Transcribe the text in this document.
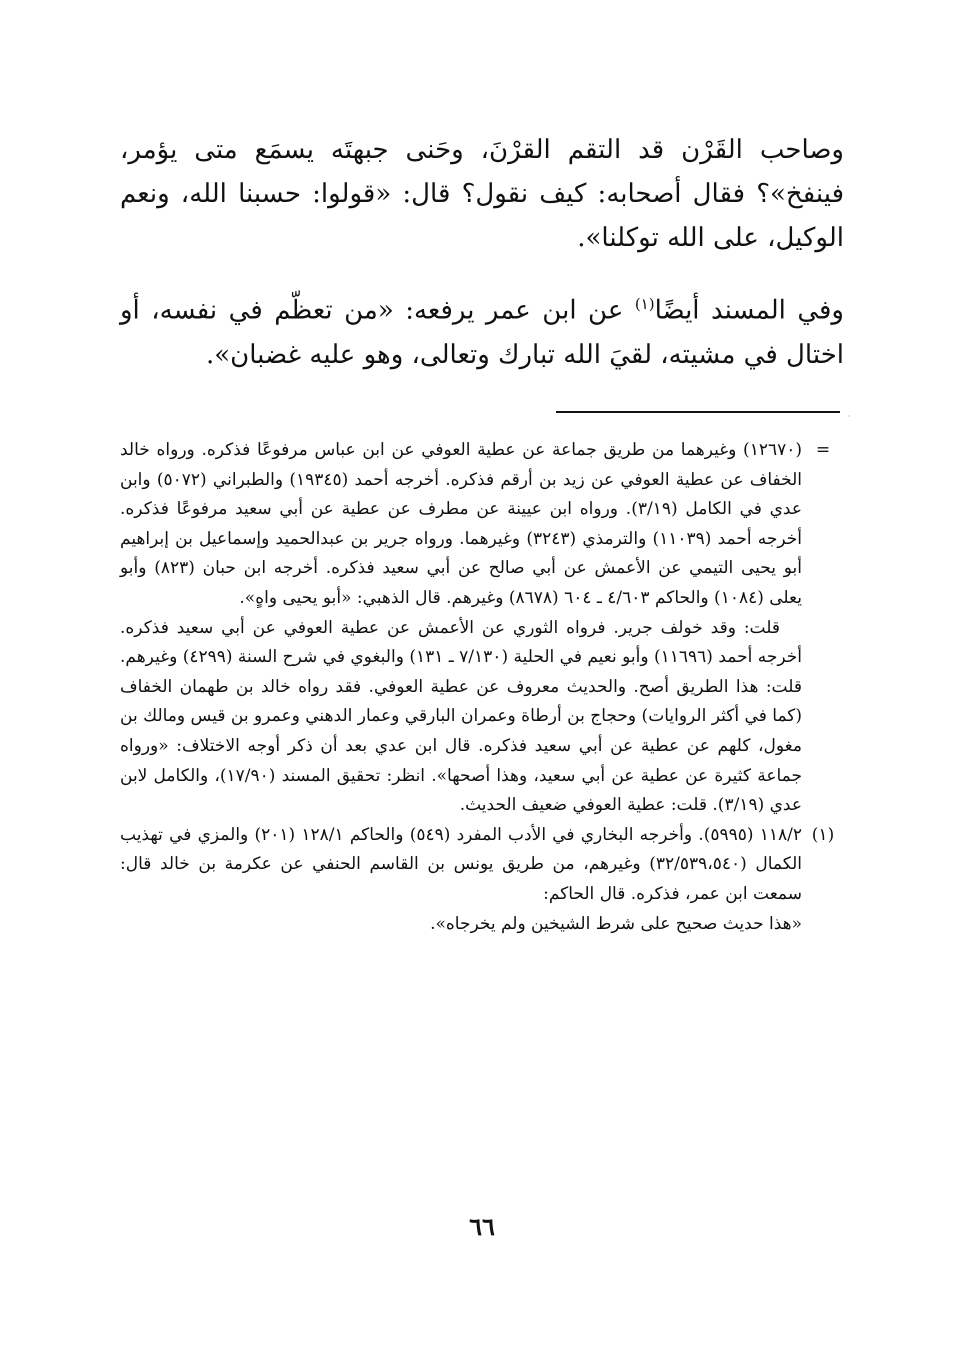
وصاحب القَرْن قد التقم القرْنَ، وحَنى جبهتَه يسمَع متى يؤمر، فينفخ»؟ فقال أصحابه: كيف نقول؟ قال: «قولوا: حسبنا الله، ونعم الوكيل، على الله توكلنا».

وفي المسند أيضًا$^{(١)}$ عن ابن عمر يرفعه: «من تعظّم في نفسه، أو اختال في مشيته، لقيَ الله تبارك وتعالى، وهو عليه غضبان».

·
=

(١٢٦٧٠) وغيرهما من طريق جماعة عن عطية العوفي عن ابن عباس مرفوعًا فذكره. ورواه خالد الخفاف عن عطية العوفي عن زيد بن أرقم فذكره. أخرجه أحمد (١٩٣٤٥) والطبراني (٥٠٧٢) وابن عدي في الكامل (٣/١٩). ورواه ابن عيينة عن مطرف عن عطية عن أبي سعيد مرفوعًا فذكره. أخرجه أحمد (١١٠٣٩) والترمذي (٣٢٤٣) وغيرهما. ورواه جرير بن عبدالحميد وإسماعيل بن إبراهيم أبو يحيى التيمي عن الأعمش عن أبي صالح عن أبي سعيد فذكره. أخرجه ابن حبان (٨٢٣) وأبو يعلى (١٠٨٤) والحاكم ٤/٦٠٣ ـ ٦٠٤ (٨٦٧٨) وغيرهم. قال الذهبي: «أبو يحيى واهٍ».

قلت: وقد خولف جرير. فرواه الثوري عن الأعمش عن عطية العوفي عن أبي سعيد فذكره. أخرجه أحمد (١١٦٩٦) وأبو نعيم في الحلية (٧/١٣٠ ـ ١٣١) والبغوي في شرح السنة (٤٢٩٩) وغيرهم. قلت: هذا الطريق أصح. والحديث معروف عن عطية العوفي. فقد رواه خالد بن طهمان الخفاف (كما في أكثر الروايات) وحجاج بن أرطاة وعمران البارقي وعمار الدهني وعمرو بن قيس ومالك بن مغول، كلهم عن عطية عن أبي سعيد فذكره. قال ابن عدي بعد أن ذكر أوجه الاختلاف: «ورواه جماعة كثيرة عن عطية عن أبي سعيد، وهذا أصحها». انظر: تحقيق المسند (١٧/٩٠)، والكامل لابن عدي (٣/١٩). قلت: عطية العوفي ضعيف الحديث.

(١)

١١٨/٢ (٥٩٩٥). وأخرجه البخاري في الأدب المفرد (٥٤٩) والحاكم ١٢٨/١ (٢٠١) والمزي في تهذيب الكمال (٣٢/٥٣٩،٥٤٠) وغيرهم، من طريق يونس بن القاسم الحنفي عن عكرمة بن خالد قال: سمعت ابن عمر، فذكره. قال الحاكم:

«هذا حديث صحيح على شرط الشيخين ولم يخرجاه».

٦٦
